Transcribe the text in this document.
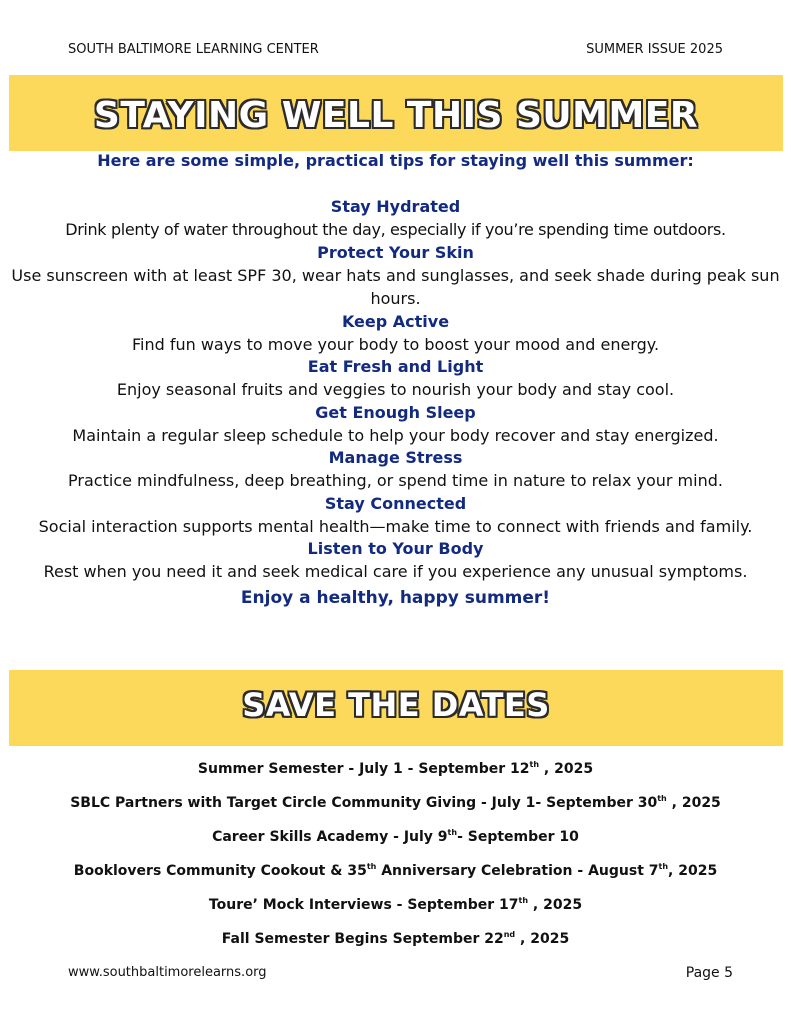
SOUTH BALTIMORE LEARNING CENTER	SUMMER ISSUE 2025
STAYING WELL THIS SUMMER

Here are some simple, practical tips for staying well this summer:

Stay Hydrated

Drink plenty of water throughout the day, especially if you’re spending time outdoors.

Protect Your Skin

Use sunscreen with at least SPF 30, wear hats and sunglasses, and seek shade during peak sun hours.

Keep Active

Find fun ways to move your body to boost your mood and energy.

Eat Fresh and Light

Enjoy seasonal fruits and veggies to nourish your body and stay cool.

Get Enough Sleep

Maintain a regular sleep schedule to help your body recover and stay energized.

Manage Stress

Practice mindfulness, deep breathing, or spend time in nature to relax your mind.

Stay Connected

Social interaction supports mental health—make time to connect with friends and family.

Listen to Your Body

Rest when you need it and seek medical care if you experience any unusual symptoms.

Enjoy a healthy, happy summer!

SAVE THE DATES

Summer Semester - July 1 - September 12th , 2025

SBLC Partners with Target Circle Community Giving - July 1- September 30th , 2025

Career Skills Academy - July 9th- September 10

Booklovers Community Cookout & 35th Anniversary Celebration - August 7th, 2025

Toure’ Mock Interviews - September 17th , 2025

Fall Semester Begins September 22nd , 2025

www.southbaltimorelearns.org	Page 5
